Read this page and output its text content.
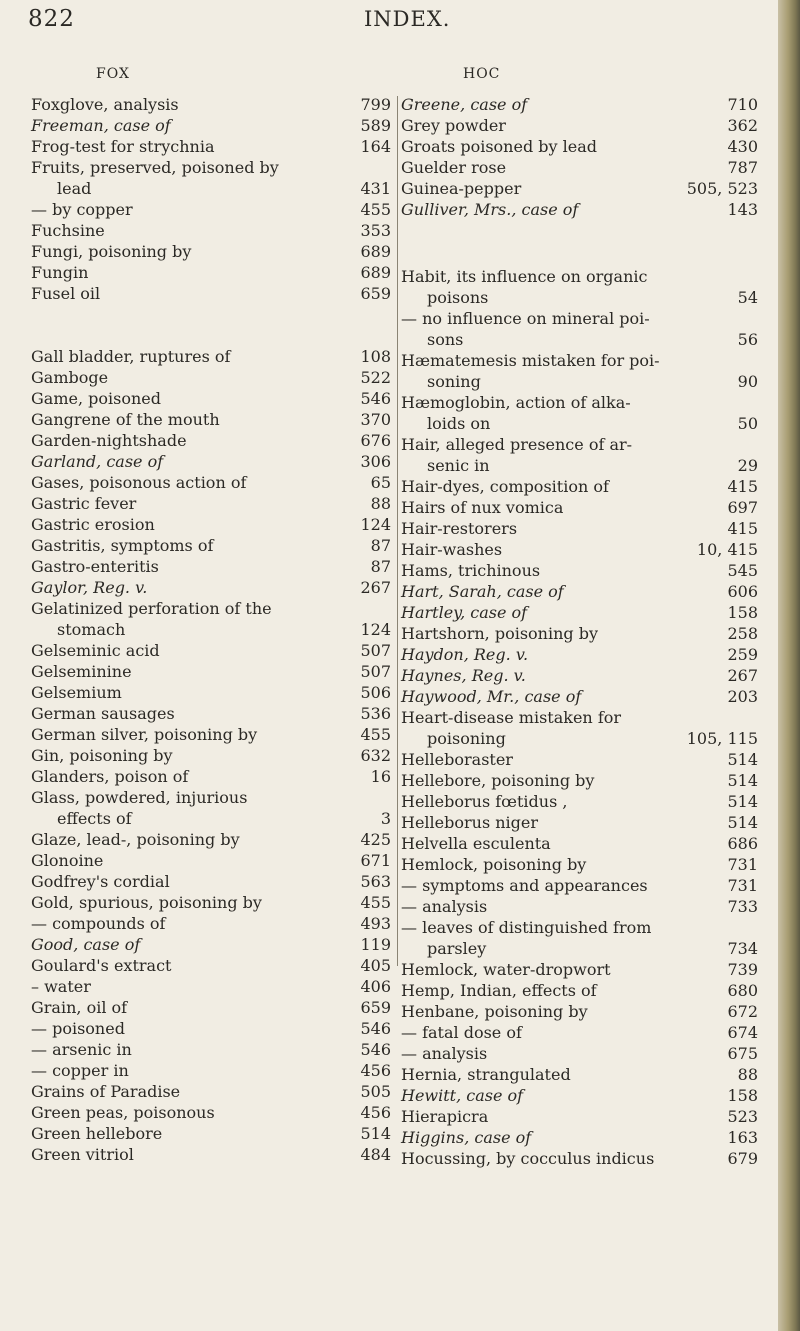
822	INDEX.
FOX	HOC
Foxglove, analysis	799
Freeman, case of	589
Frog-test for strychnia	164
Fruits, preserved, poisoned by
lead	431
— by copper	455
Fuchsine	353
Fungi, poisoning by	689
Fungin	689
Fusel oil	659
Gall bladder, ruptures of	108
Gamboge	522
Game, poisoned	546
Gangrene of the mouth	370
Garden-nightshade	676
Garland, case of	306
Gases, poisonous action of	65
Gastric fever	88
Gastric erosion	124
Gastritis, symptoms of	87
Gastro-enteritis	87
Gaylor, Reg. v.	267
Gelatinized perforation of the
stomach	124
Gelseminic acid	507
Gelseminine	507
Gelsemium	506
German sausages	536
German silver, poisoning by	455
Gin, poisoning by	632
Glanders, poison of	16
Glass, powdered, injurious
effects of	3
Glaze, lead-, poisoning by	425
Glonoine	671
Godfrey's cordial	563
Gold, spurious, poisoning by	455
— compounds of	493
Good, case of	119
Goulard's extract	405
– water	406
Grain, oil of	659
— poisoned	546
— arsenic in	546
— copper in	456
Grains of Paradise	505
Green peas, poisonous	456
Green hellebore	514
Green vitriol	484
Greene, case of	710
Grey powder	362
Groats poisoned by lead	430
Guelder rose	787
Guinea-pepper	505, 523
Gulliver, Mrs., case of	143
Habit, its influence on organic
poisons	54
— no influence on mineral poi-
sons	56
Hæmatemesis mistaken for poi-
soning	90
Hæmoglobin, action of alka-
loids on	50
Hair, alleged presence of ar-
senic in	29
Hair-dyes, composition of	415
Hairs of nux vomica	697
Hair-restorers	415
Hair-washes	10, 415
Hams, trichinous	545
Hart, Sarah, case of	606
Hartley, case of	158
Hartshorn, poisoning by	258
Haydon, Reg. v.	259
Haynes, Reg. v.	267
Haywood, Mr., case of	203
Heart-disease mistaken for
poisoning	105, 115
Helleboraster	514
Hellebore, poisoning by	514
Helleborus fœtidus ,	514
Helleborus niger	514
Helvella esculenta	686
Hemlock, poisoning by	731
— symptoms and appearances	731
— analysis	733
— leaves of distinguished from
parsley	734
Hemlock, water-dropwort	739
Hemp, Indian, effects of	680
Henbane, poisoning by	672
— fatal dose of	674
— analysis	675
Hernia, strangulated	88
Hewitt, case of	158
Hierapicra	523
Higgins, case of	163
Hocussing, by cocculus indicus	679
